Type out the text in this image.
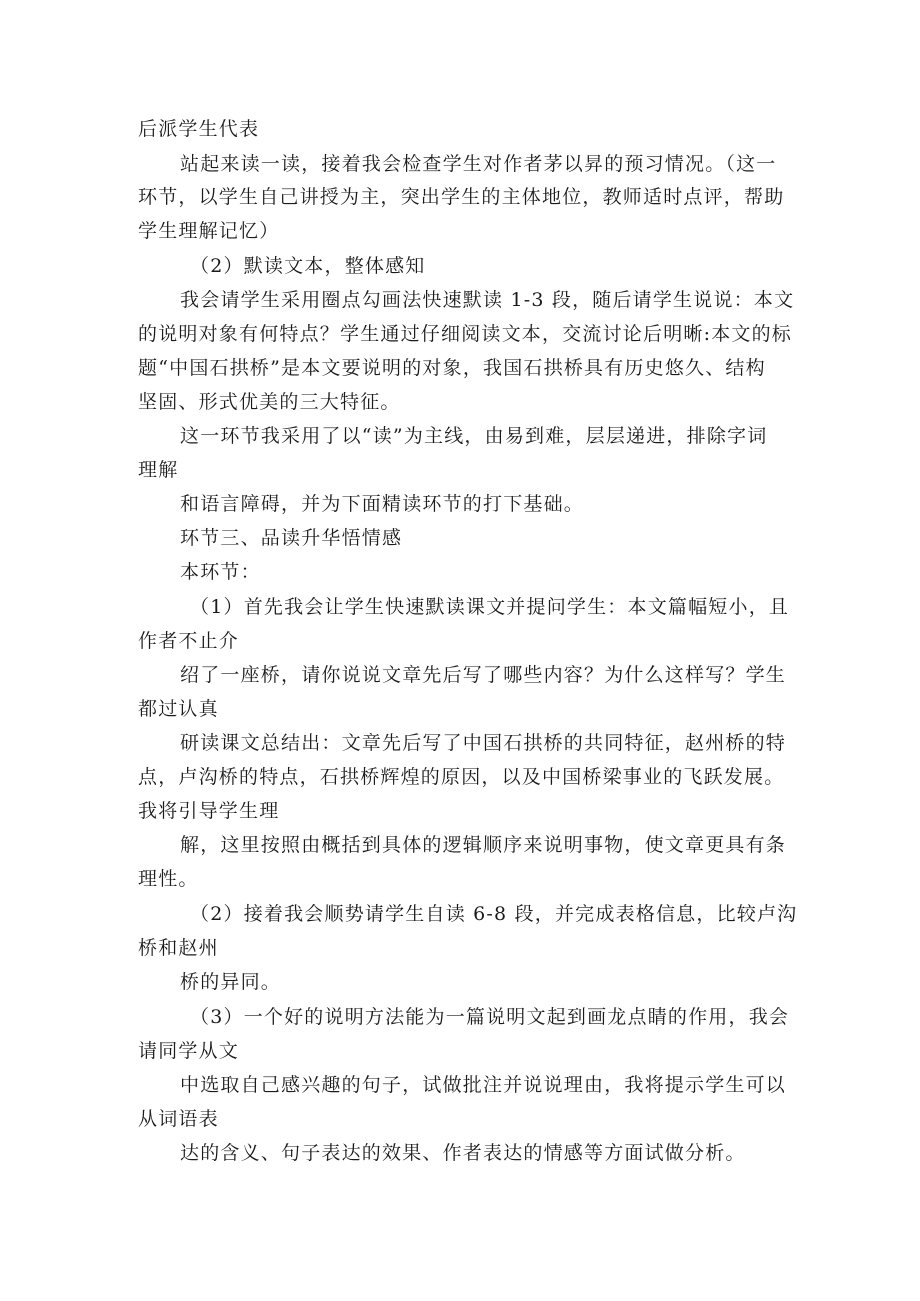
后派学生代表
站起来读一读，接着我会检查学生对作者茅以昇的预习情况。（这一
环节，以学生自己讲授为主，突出学生的主体地位，教师适时点评，帮助
学生理解记忆）
（2）默读文本，整体感知
我会请学生采用圈点勾画法快速默读 1-3 段，随后请学生说说：本文
的说明对象有何特点？学生通过仔细阅读文本，交流讨论后明晰:本文的标
题“中国石拱桥”是本文要说明的对象，我国石拱桥具有历史悠久、结构
坚固、形式优美的三大特征。
这一环节我采用了以“读”为主线，由易到难，层层递进，排除字词
理解
和语言障碍，并为下面精读环节的打下基础。
环节三、品读升华悟情感
本环节：
（1）首先我会让学生快速默读课文并提问学生：本文篇幅短小，且
作者不止介
绍了一座桥，请你说说文章先后写了哪些内容？为什么这样写？学生
都过认真
研读课文总结出：文章先后写了中国石拱桥的共同特征，赵州桥的特
点，卢沟桥的特点，石拱桥辉煌的原因，以及中国桥梁事业的飞跃发展。
我将引导学生理
解，这里按照由概括到具体的逻辑顺序来说明事物，使文章更具有条
理性。
（2）接着我会顺势请学生自读 6-8 段，并完成表格信息，比较卢沟
桥和赵州
桥的异同。
（3）一个好的说明方法能为一篇说明文起到画龙点睛的作用，我会
请同学从文
中选取自己感兴趣的句子，试做批注并说说理由，我将提示学生可以
从词语表
达的含义、句子表达的效果、作者表达的情感等方面试做分析。
